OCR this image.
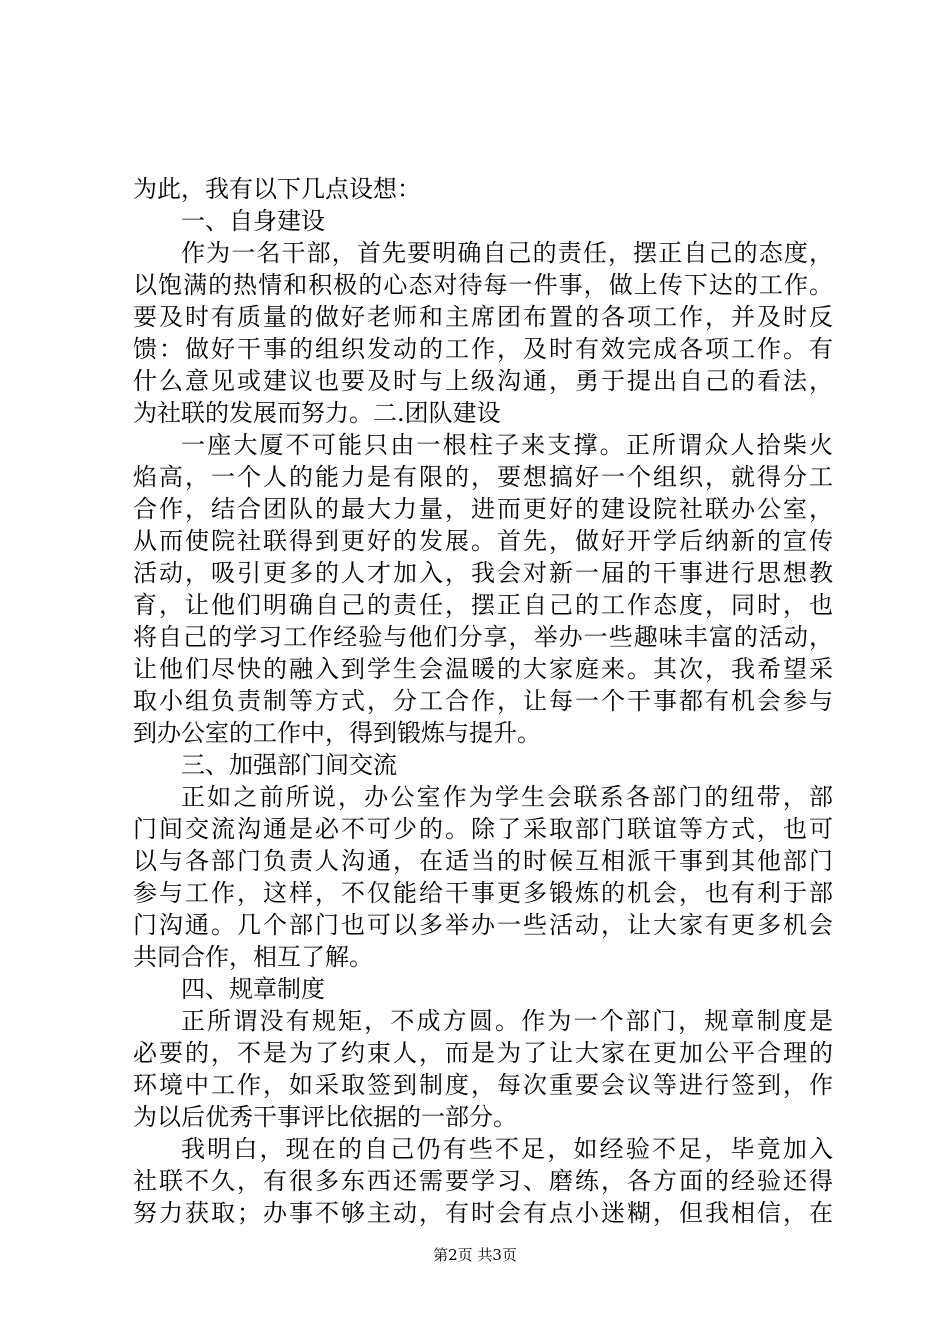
为此，我有以下几点设想：
一、自身建设
作为一名干部，首先要明确自己的责任，摆正自己的态度，
以饱满的热情和积极的心态对待每一件事，做上传下达的工作。
要及时有质量的做好老师和主席团布置的各项工作，并及时反
馈：做好干事的组织发动的工作，及时有效完成各项工作。有
什么意见或建议也要及时与上级沟通，勇于提出自己的看法，
为社联的发展而努力。二.团队建设
一座大厦不可能只由一根柱子来支撑。正所谓众人拾柴火
焰高，一个人的能力是有限的，要想搞好一个组织，就得分工
合作，结合团队的最大力量，进而更好的建设院社联办公室，
从而使院社联得到更好的发展。首先，做好开学后纳新的宣传
活动，吸引更多的人才加入，我会对新一届的干事进行思想教
育，让他们明确自己的责任，摆正自己的工作态度，同时，也
将自己的学习工作经验与他们分享，举办一些趣味丰富的活动，
让他们尽快的融入到学生会温暖的大家庭来。其次，我希望采
取小组负责制等方式，分工合作，让每一个干事都有机会参与
到办公室的工作中，得到锻炼与提升。
三、加强部门间交流
正如之前所说，办公室作为学生会联系各部门的纽带，部
门间交流沟通是必不可少的。除了采取部门联谊等方式，也可
以与各部门负责人沟通，在适当的时候互相派干事到其他部门
参与工作，这样，不仅能给干事更多锻炼的机会，也有利于部
门沟通。几个部门也可以多举办一些活动，让大家有更多机会
共同合作，相互了解。
四、规章制度
正所谓没有规矩，不成方圆。作为一个部门，规章制度是
必要的，不是为了约束人，而是为了让大家在更加公平合理的
环境中工作，如采取签到制度，每次重要会议等进行签到，作
为以后优秀干事评比依据的一部分。
我明白，现在的自己仍有些不足，如经验不足，毕竟加入
社联不久，有很多东西还需要学习、磨练，各方面的经验还得
努力获取；办事不够主动，有时会有点小迷糊，但我相信，在
第2页 共3页
